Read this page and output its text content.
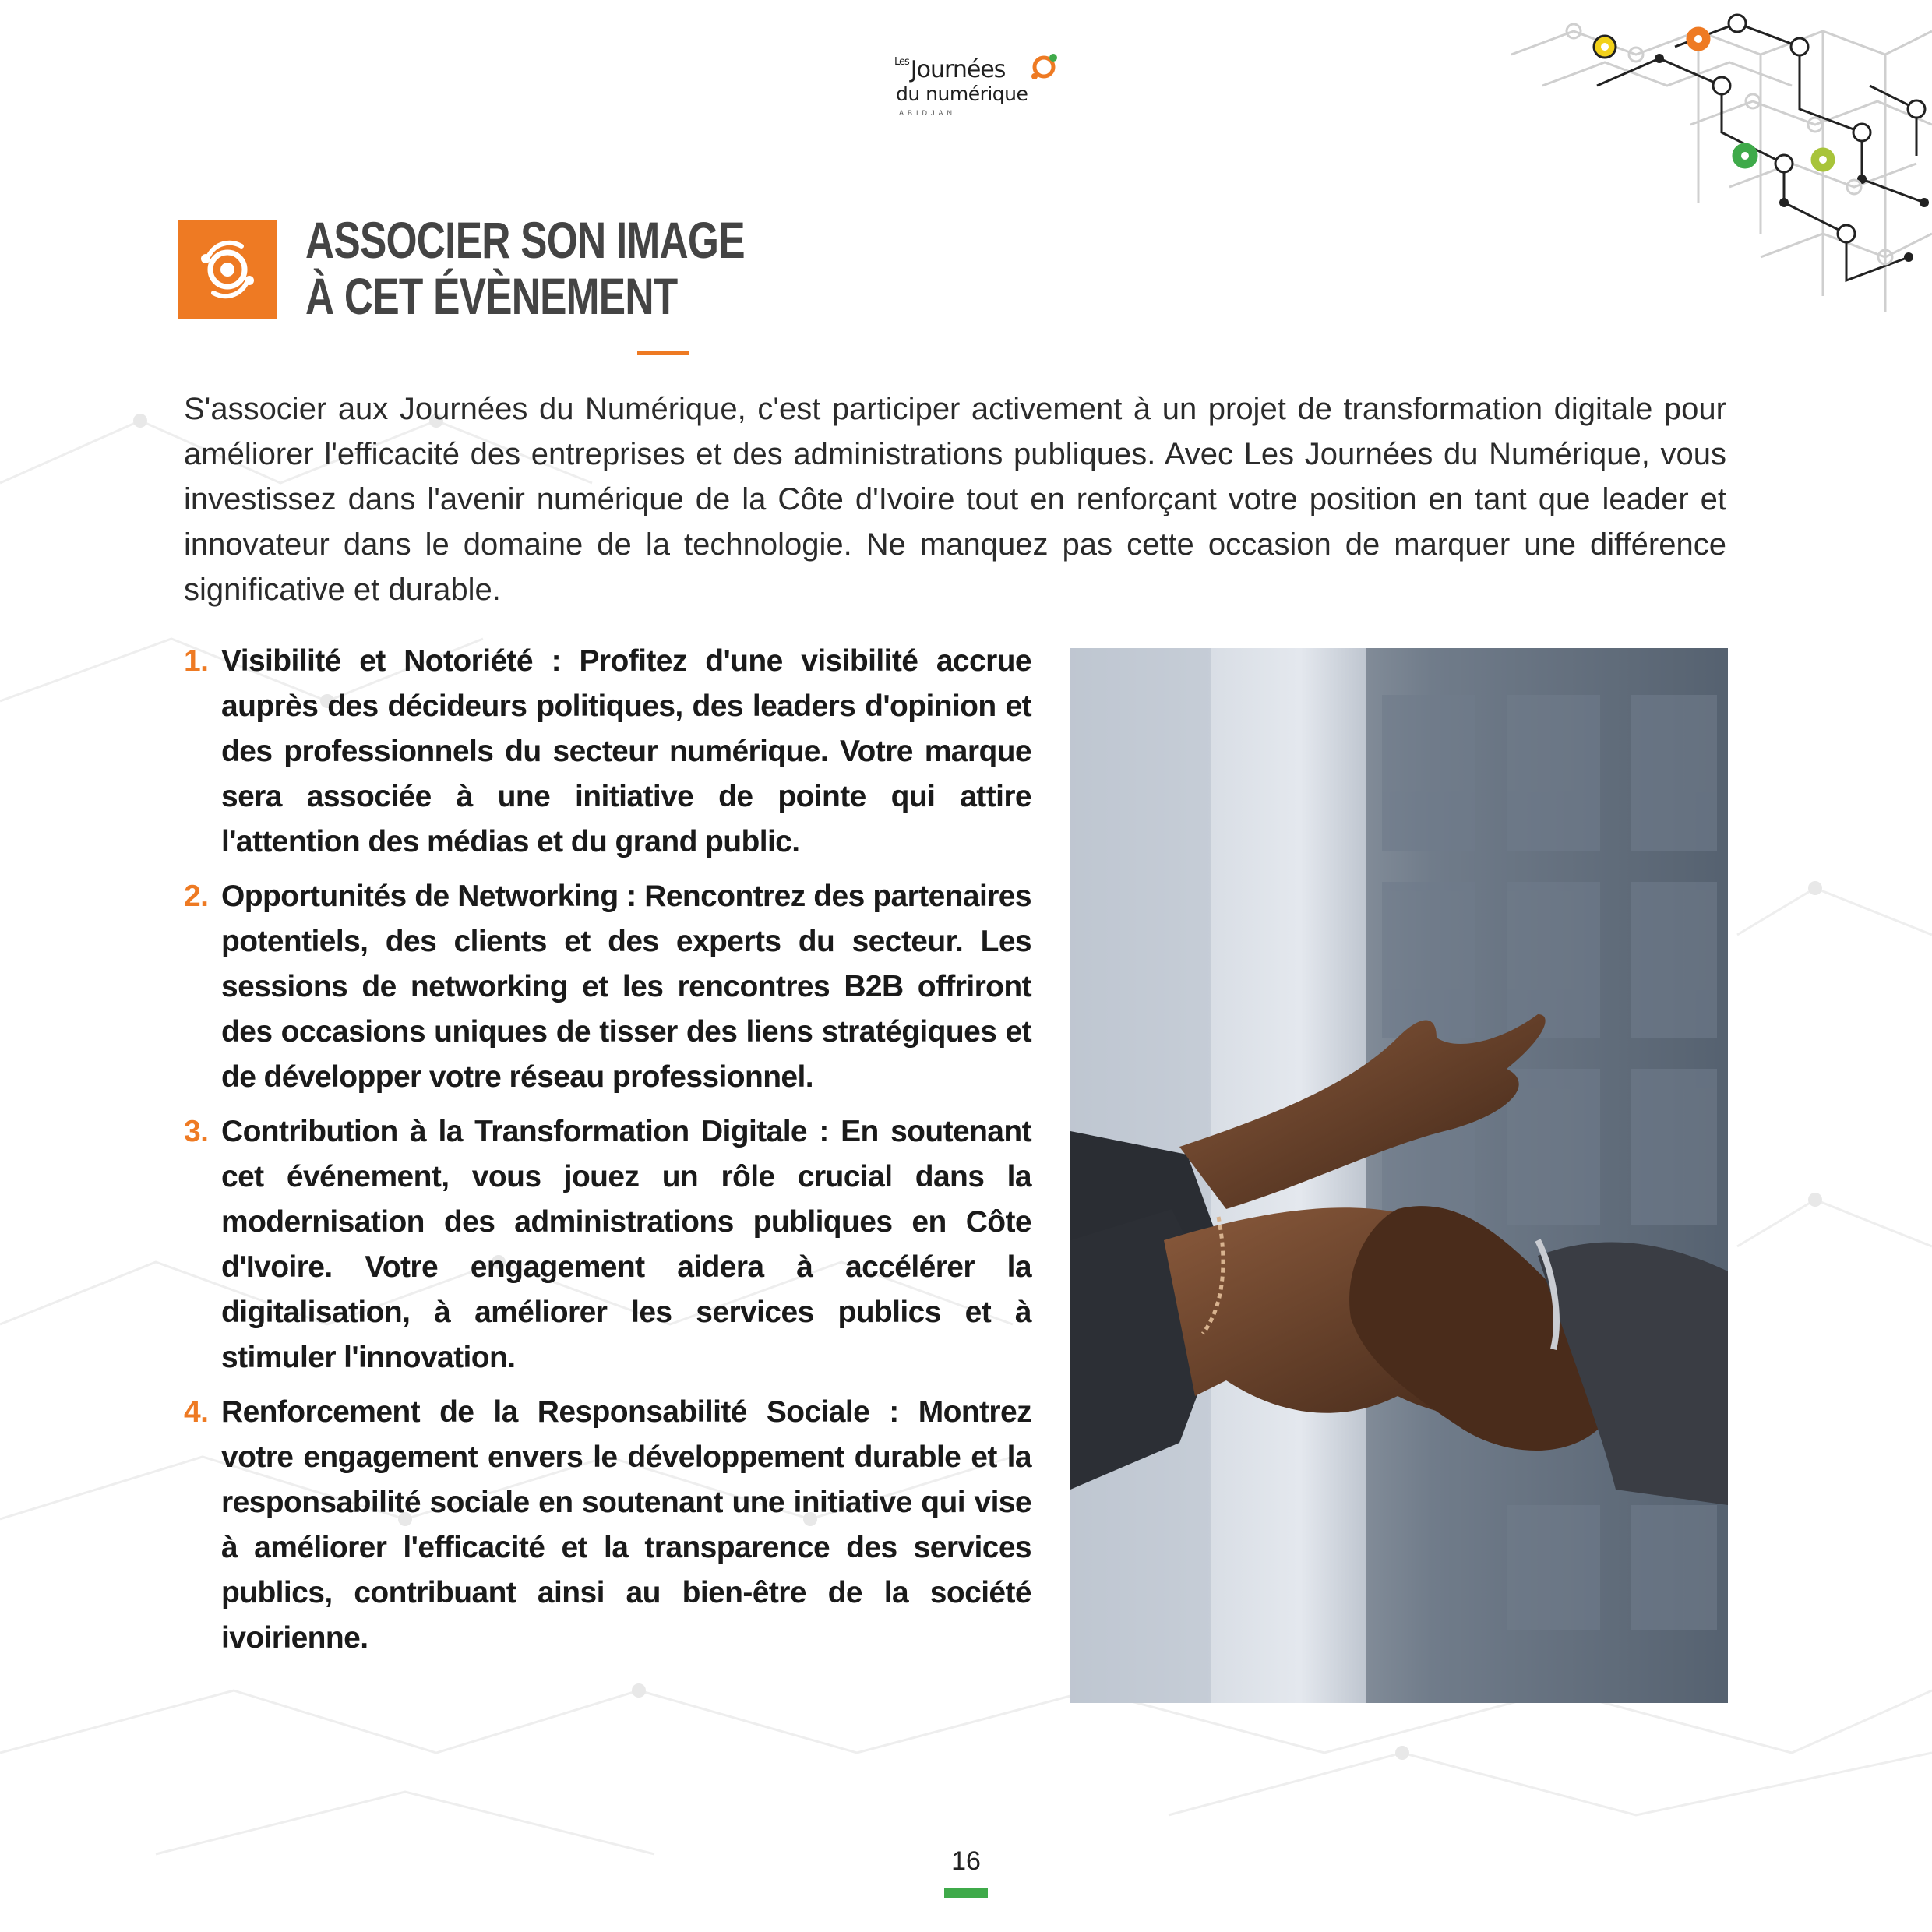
$^{Les}$Journées
du numérique
ABIDJAN
ASSOCIER SON IMAGE
À CET ÉVÈNEMENT

S'associer aux Journées du Numérique, c'est participer activement à un projet de transformation digitale pour améliorer l'efficacité des entreprises et des administrations publiques. Avec Les Journées du Numérique, vous investissez dans l'avenir numérique de la Côte d'Ivoire tout en renforçant votre position en tant que leader et innovateur dans le domaine de la technologie. Ne manquez pas cette occasion de marquer une différence significative et durable.

1. Visibilité et Notoriété : Profitez d'une visibilité accrue auprès des décideurs politiques, des leaders d'opinion et des professionnels du secteur numérique. Votre marque sera associée à une initiative de pointe qui attire l'attention des médias et du grand public.
2. Opportunités de Networking : Rencontrez des partenaires potentiels, des clients et des experts du secteur. Les sessions de networking et les rencontres B2B offriront des occasions uniques de tisser des liens stratégiques et de développer votre réseau professionnel.
3. Contribution à la Transformation Digitale : En soutenant cet événement, vous jouez un rôle crucial dans la modernisation des administrations publiques en Côte d'Ivoire. Votre engagement aidera à accélérer la digitalisation, à améliorer les services publics et à stimuler l'innovation.
4. Renforcement de la Responsabilité Sociale : Montrez votre engagement envers le développement durable et la responsabilité sociale en soutenant une initiative qui vise à améliorer l'efficacité et la transparence des services publics, contribuant ainsi au bien-être de la société ivoirienne.
16
